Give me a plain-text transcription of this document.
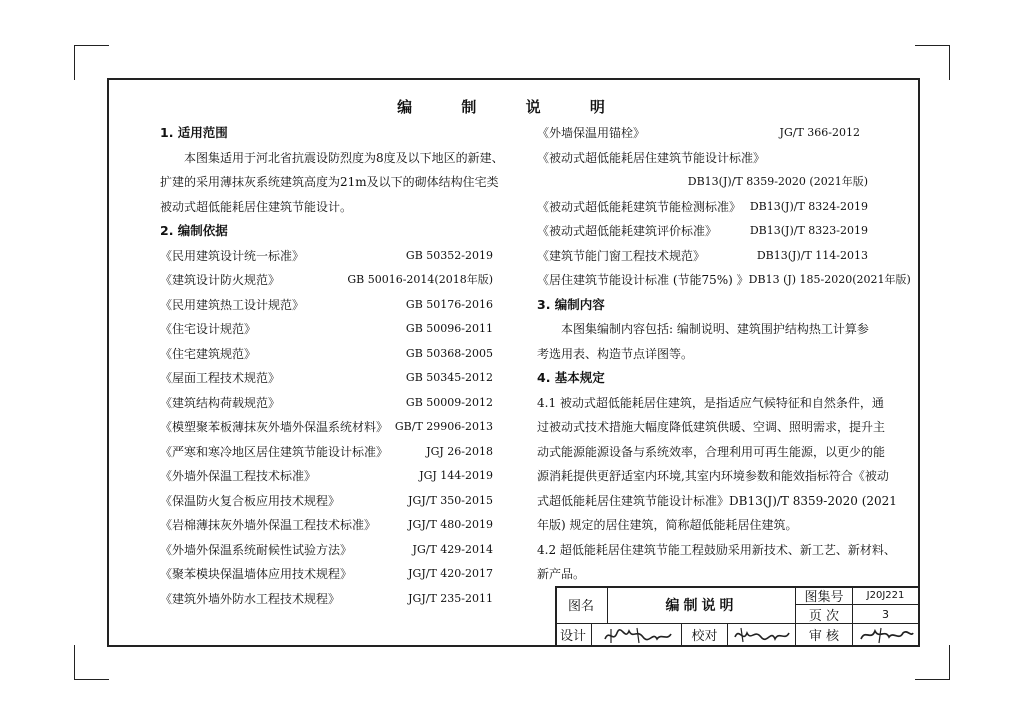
编 制 说 明
1. 适用范围
本图集适用于河北省抗震设防烈度为8度及以下地区的新建、
扩建的采用薄抹灰系统建筑高度为21m及以下的砌体结构住宅类
被动式超低能耗居住建筑节能设计。
2. 编制依据
《民用建筑设计统一标准》	GB 50352-2019
《建筑设计防火规范》	GB 50016-2014(2018年版)
《民用建筑热工设计规范》	GB 50176-2016
《住宅设计规范》	GB 50096-2011
《住宅建筑规范》	GB 50368-2005
《屋面工程技术规范》	GB 50345-2012
《建筑结构荷载规范》	GB 50009-2012
《模塑聚苯板薄抹灰外墙外保温系统材料》 GB/T 29906-2013
《严寒和寒冷地区居住建筑节能设计标准》	JGJ 26-2018
《外墙外保温工程技术标准》	JGJ 144-2019
《保温防火复合板应用技术规程》	JGJ/T 350-2015
《岩棉薄抹灰外墙外保温工程技术标准》	JGJ/T 480-2019
《外墙外保温系统耐候性试验方法》	JG/T 429-2014
《聚苯模块保温墙体应用技术规程》	JGJ/T 420-2017
《建筑外墙外防水工程技术规程》	JGJ/T 235-2011
《外墙保温用锚栓》	JG/T 366-2012
《被动式超低能耗居住建筑节能设计标准》
DB13(J)/T 8359-2020 (2021年版)
《被动式超低能耗建筑节能检测标准》 DB13(J)/T 8324-2019
《被动式超低能耗建筑评价标准》	DB13(J)/T 8323-2019
《建筑节能门窗工程技术规范》	DB13(J)/T 114-2013
《居住建筑节能设计标准 (节能75%) 》 DB13 (J) 185-2020(2021年版)
3. 编制内容
本图集编制内容包括: 编制说明、建筑围护结构热工计算参
考选用表、构造节点详图等。
4. 基本规定
4.1 被动式超低能耗居住建筑，是指适应气候特征和自然条件，通
过被动式技术措施大幅度降低建筑供暖、空调、照明需求，提升主
动式能源能源设备与系统效率，合理利用可再生能源，以更少的能
源消耗提供更舒适室内环境,其室内环境参数和能效指标符合《被动
式超低能耗居住建筑节能设计标准》DB13(J)/T 8359-2020 (2021
年版) 规定的居住建筑，简称超低能耗居住建筑。
4.2 超低能耗居住建筑节能工程鼓励采用新技术、新工艺、新材料、
新产品。
图名	编制说明
图集号	J20J221
页 次	3
设计	校对	审 核
